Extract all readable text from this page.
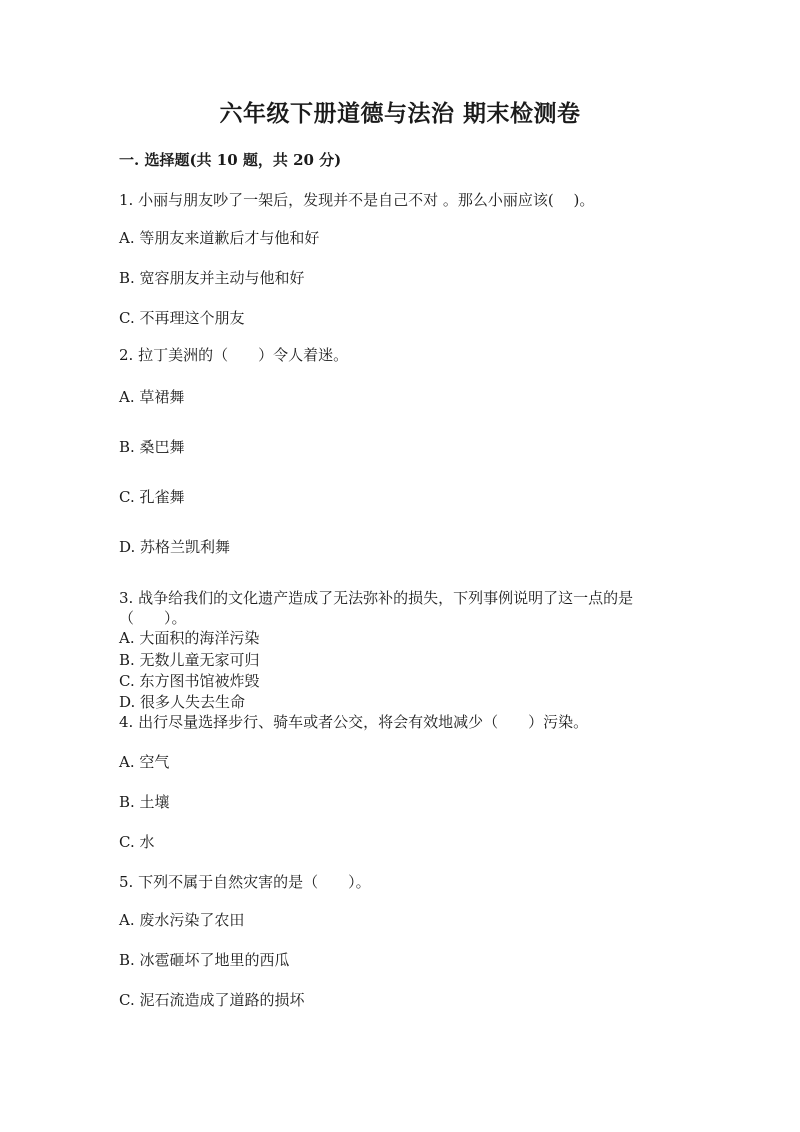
六年级下册道德与法治 期末检测卷
一. 选择题(共 10 题，共 20 分)
1. 小丽与朋友吵了一架后，发现并不是自己不对 。那么小丽应该(　 )。
A. 等朋友来道歉后才与他和好
B. 宽容朋友并主动与他和好
C. 不再理这个朋友
2. 拉丁美洲的（　　）令人着迷。
A. 草裙舞
B. 桑巴舞
C. 孔雀舞
D. 苏格兰凯利舞
3. 战争给我们的文化遗产造成了无法弥补的损失，下列事例说明了这一点的是
（　　）。
A. 大面积的海洋污染
B. 无数儿童无家可归
C. 东方图书馆被炸毁
D. 很多人失去生命
4. 出行尽量选择步行、骑车或者公交，将会有效地减少（　　）污染。
A. 空气
B. 土壤
C. 水
5. 下列不属于自然灾害的是（　　）。
A. 废水污染了农田
B. 冰雹砸坏了地里的西瓜
C. 泥石流造成了道路的损坏
